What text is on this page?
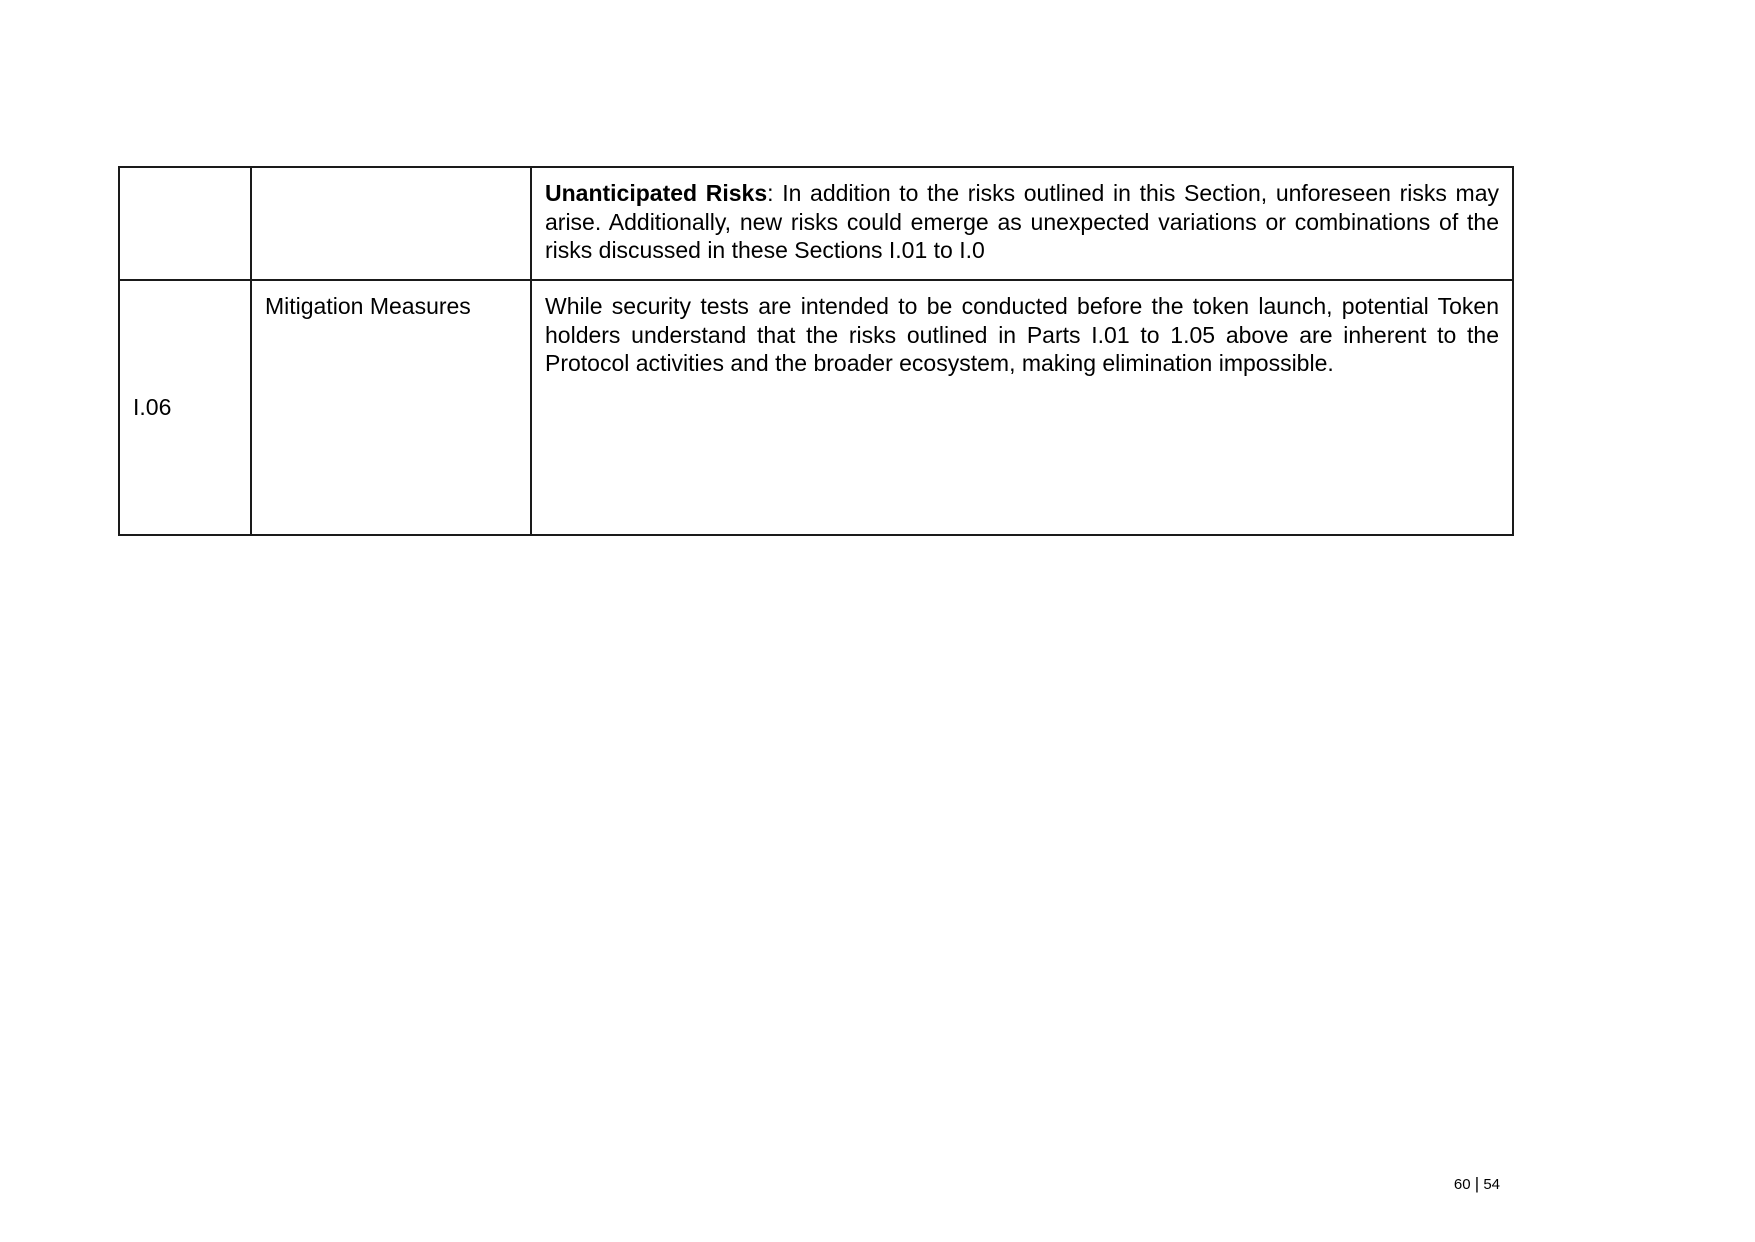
		Unanticipated Risks: In addition to the risks outlined in this Section, unforeseen risks may arise. Additionally, new risks could emerge as unexpected variations or combinations of the risks discussed in these Sections I.01 to I.0
I.06	Mitigation Measures	While security tests are intended to be conducted before the token launch, potential Token holders understand that the risks outlined in Parts I.01 to 1.05 above are inherent to the Protocol activities and the broader ecosystem, making elimination impossible.
60 | 54
